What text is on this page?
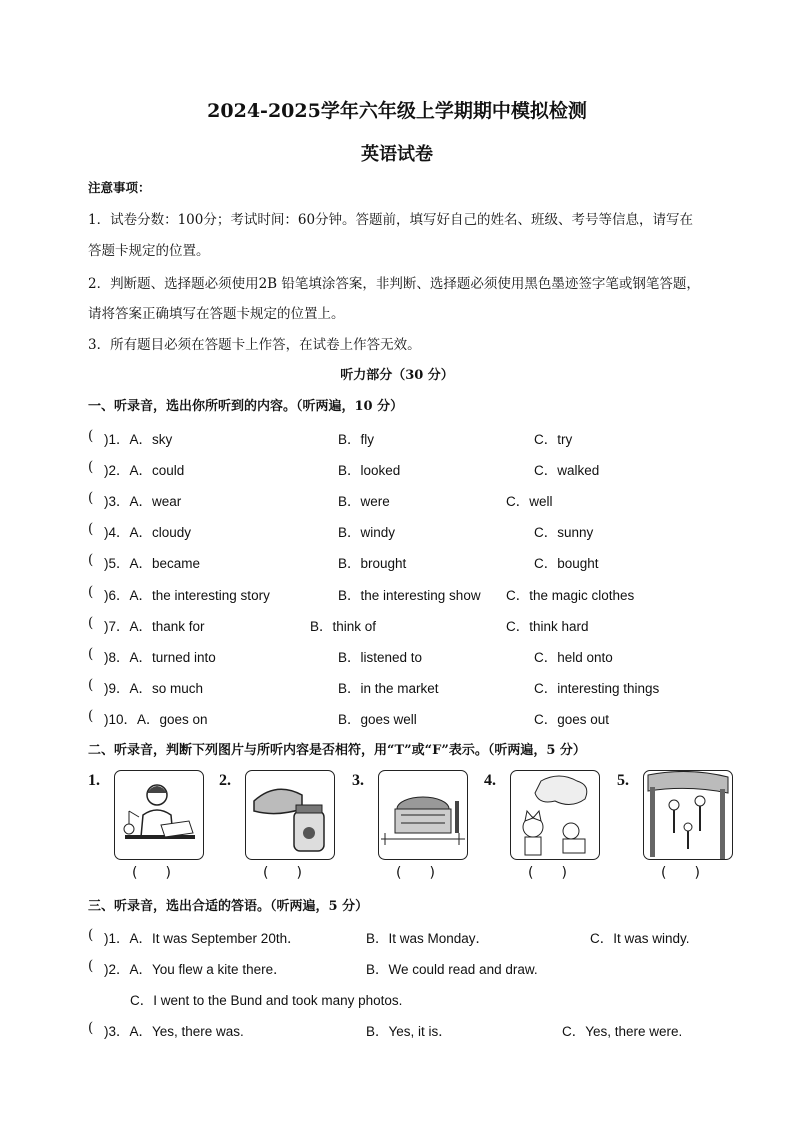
2024-2025学年六年级上学期期中模拟检测
英语试卷
注意事项：
1．试卷分数：100分；考试时间：60分钟。答题前，填写好自己的姓名、班级、考号等信息，请写在
答题卡规定的位置。
2．判断题、选择题必须使用2B 铅笔填涂答案，非判断、选择题必须使用黑色墨迹签字笔或钢笔答题，
请将答案正确填写在答题卡规定的位置上。
3．所有题目必须在答题卡上作答，在试卷上作答无效。
听力部分（30 分）
一、听录音，选出你所听到的内容。（听两遍，10 分）
( )1．A．sky	B．fly	C．try
( )2．A．could	B．looked	C．walked
( )3．A．wear	B．were	C．well
( )4．A．cloudy	B．windy	C．sunny
( )5．A．became	B．brought	C．bought
( )6．A．the interesting story	B．the interesting show C．the magic clothes
( )7．A．thank for	B．think of	C．think hard
( )8．A．turned into	B．listened to	C．held onto
( )9．A．so much	B．in the market	C．interesting things
( )10．A．goes on	B．goes well	C．goes out
二、听录音，判断下列图片与所听内容是否相符，用“T”或“F”表示。（听两遍，5 分）
1.
(　　)
2.
(　　)
3.
(　　)
4.
(　　)
5.
(　　)
三、听录音，选出合适的答语。（听两遍，5 分）
( )1．A．It was September 20th．	B．It was Monday．	C．It was windy.
( )2．A．You flew a kite there．	B．We could read and draw.
C．I went to the Bund and took many photos.
( )3．A．Yes, there was.	B．Yes, it is．	C．Yes, there were.
